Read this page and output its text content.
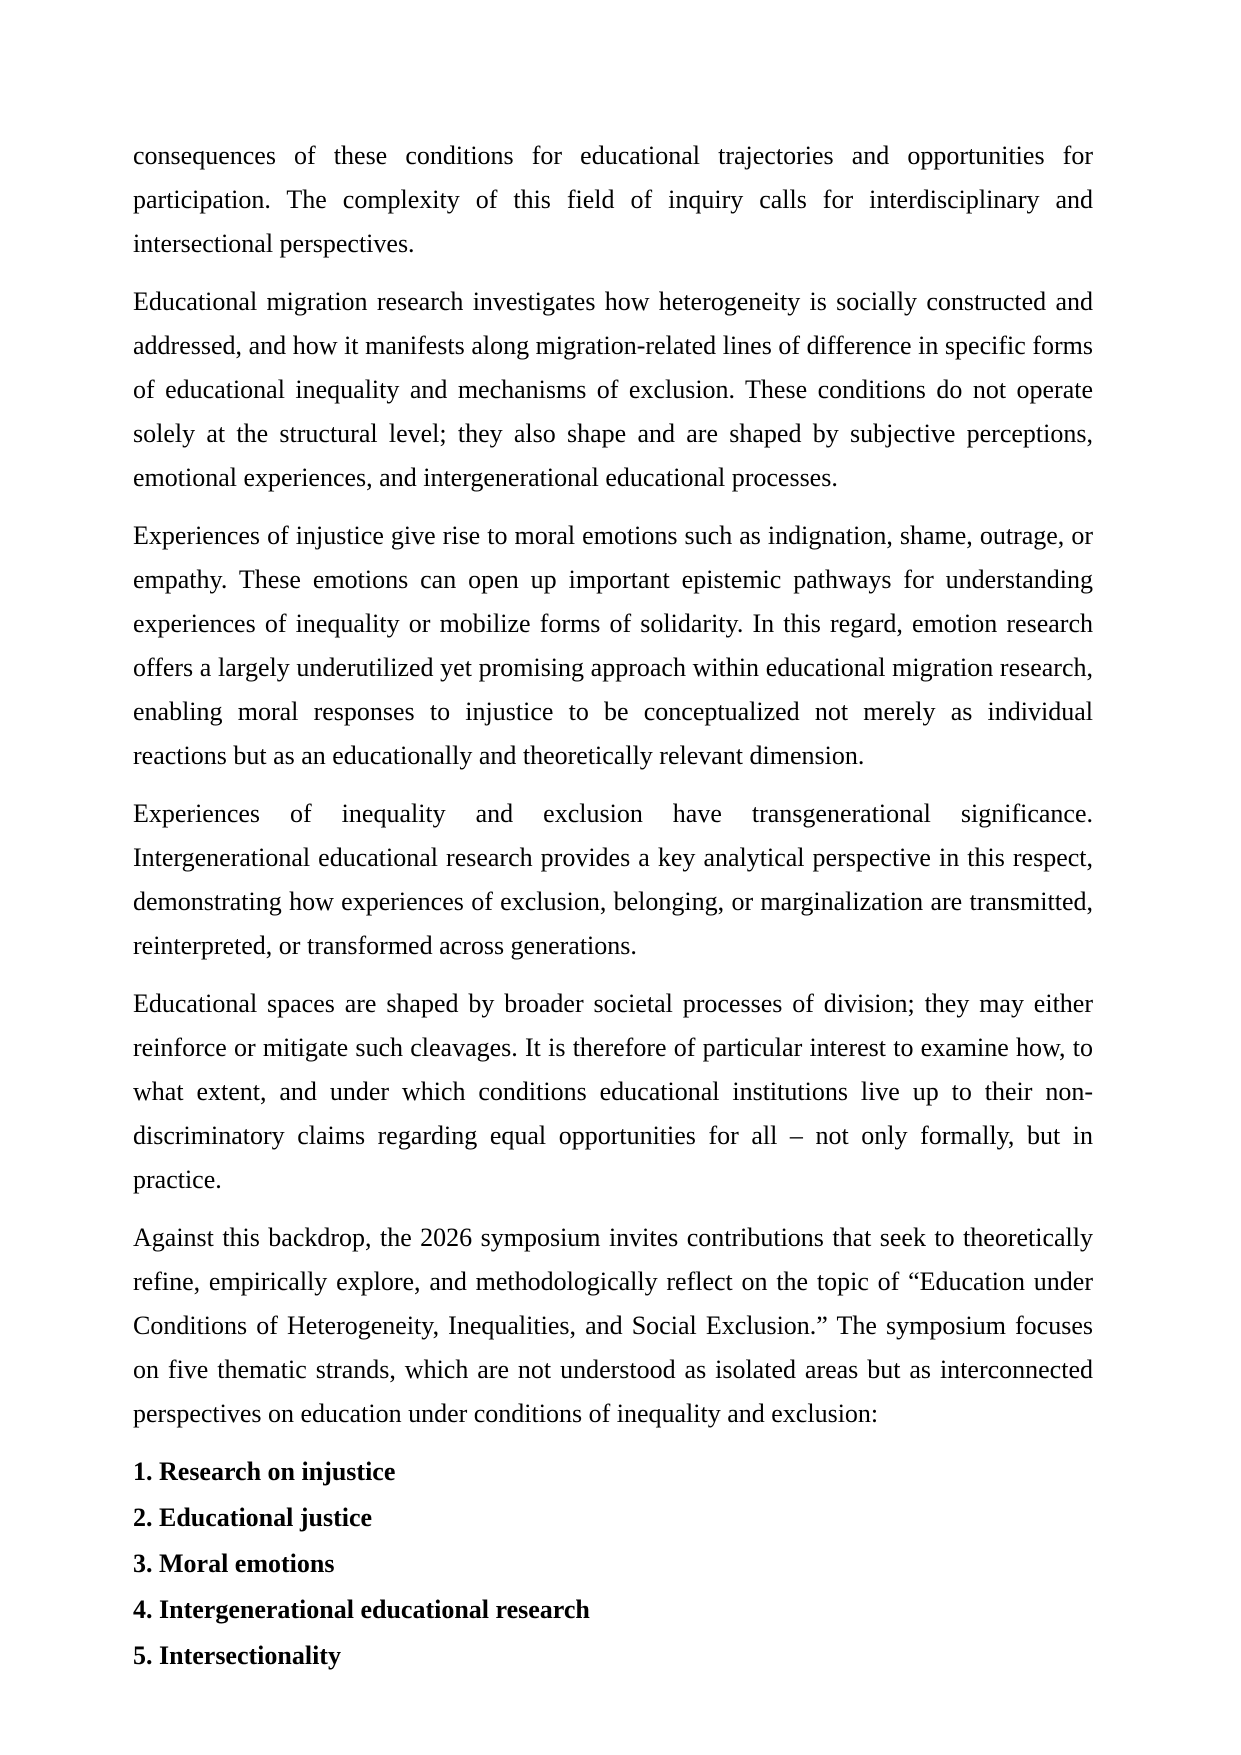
consequences of these conditions for educational trajectories and opportunities for participation. The complexity of this field of inquiry calls for interdisciplinary and intersectional perspectives.

Educational migration research investigates how heterogeneity is socially constructed and addressed, and how it manifests along migration-related lines of difference in specific forms of educational inequality and mechanisms of exclusion. These conditions do not operate solely at the structural level; they also shape and are shaped by subjective perceptions, emotional experiences, and intergenerational educational processes.

Experiences of injustice give rise to moral emotions such as indignation, shame, outrage, or empathy. These emotions can open up important epistemic pathways for understanding experiences of inequality or mobilize forms of solidarity. In this regard, emotion research offers a largely underutilized yet promising approach within educational migration research, enabling moral responses to injustice to be conceptualized not merely as individual reactions but as an educationally and theoretically relevant dimension.

Experiences of inequality and exclusion have transgenerational significance. Intergenerational educational research provides a key analytical perspective in this respect, demonstrating how experiences of exclusion, belonging, or marginalization are transmitted, reinterpreted, or transformed across generations.

Educational spaces are shaped by broader societal processes of division; they may either reinforce or mitigate such cleavages. It is therefore of particular interest to examine how, to what extent, and under which conditions educational institutions live up to their non-discriminatory claims regarding equal opportunities for all – not only formally, but in practice.

Against this backdrop, the 2026 symposium invites contributions that seek to theoretically refine, empirically explore, and methodologically reflect on the topic of “Education under Conditions of Heterogeneity, Inequalities, and Social Exclusion.” The symposium focuses on five thematic strands, which are not understood as isolated areas but as interconnected perspectives on education under conditions of inequality and exclusion:

1. Research on injustice

2. Educational justice

3. Moral emotions

4. Intergenerational educational research

5. Intersectionality
